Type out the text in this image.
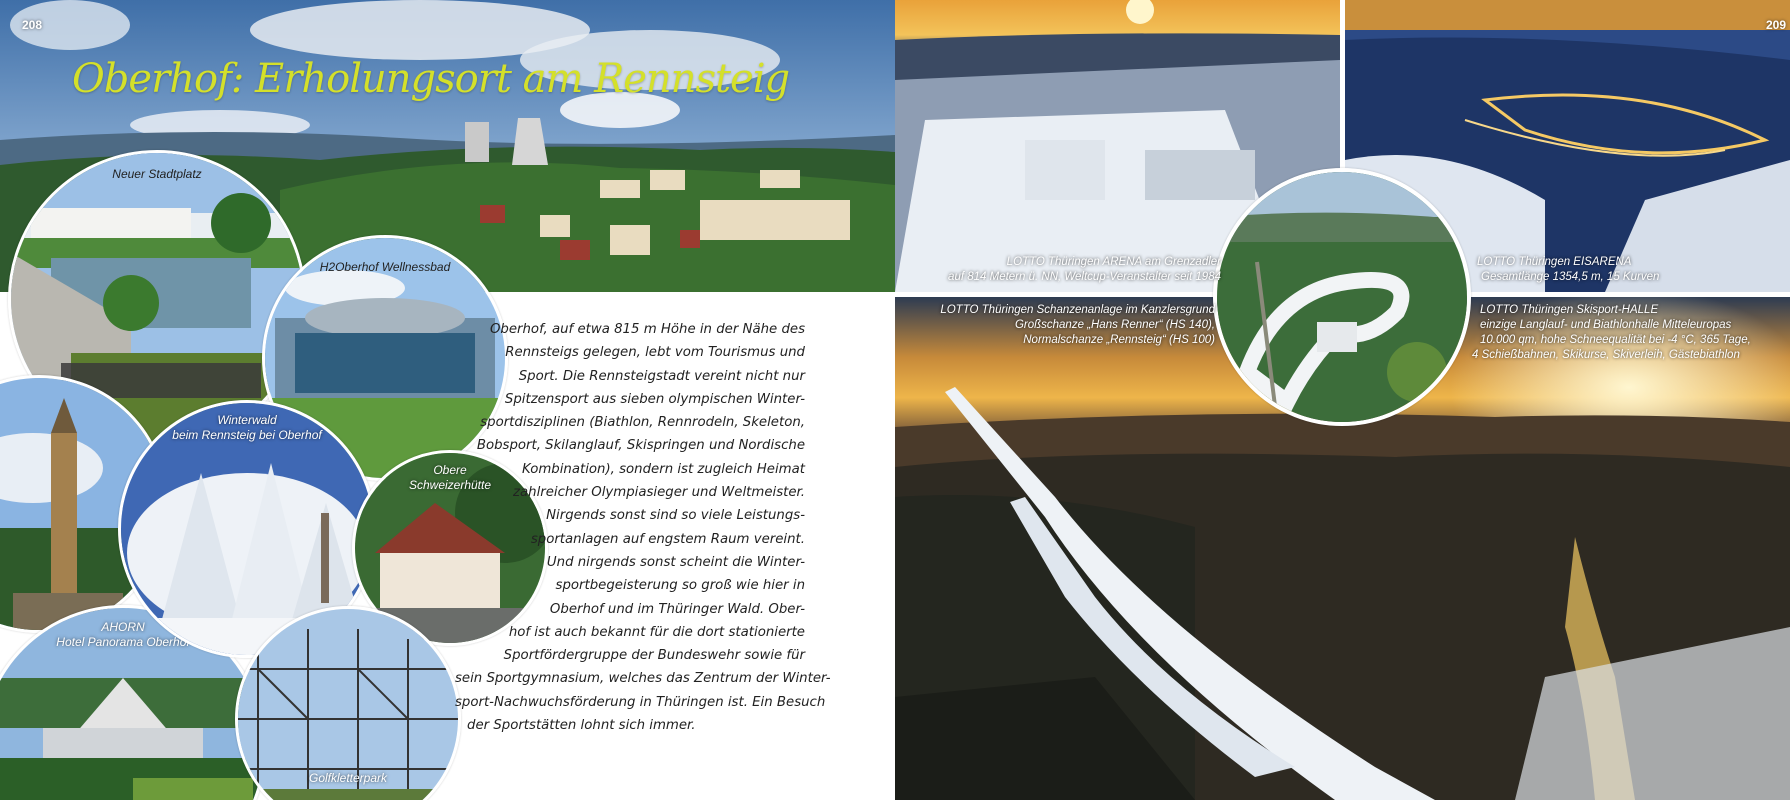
208
Oberhof: Erholungsort am Rennsteig
Neuer Stadtplatz
AHORN
Hotel Panorama Oberhof
H2Oberhof Wellnessbad
Winterwald
beim Rennsteig bei Oberhof
Obere
Schweizerhütte
Golfkletterpark
Oberhof, auf etwa 815 m Höhe in der Nähe des
Rennsteigs gelegen, lebt vom Tourismus und
Sport. Die Rennsteigstadt vereint nicht nur
Spitzensport aus sieben olympischen Winter-
sportdisziplinen (Biathlon, Rennrodeln, Skeleton,
Bobsport, Skilanglauf, Skispringen und Nordische
Kombination), sondern ist zugleich Heimat
zahlreicher Olympiasieger und Weltmeister.
Nirgends sonst sind so viele Leistungs-
sportanlagen auf engstem Raum vereint.
Und nirgends sonst scheint die Winter-
sportbegeisterung so groß wie hier in
Oberhof und im Thüringer Wald. Ober-
hof ist auch bekannt für die dort stationierte
Sportfördergruppe der Bundeswehr sowie für
sein Sportgymnasium, welches das Zentrum der Winter-
sport-Nachwuchsförderung in Thüringen ist. Ein Besuch
der Sportstätten lohnt sich immer.
209
LOTTO Thüringen ARENA am Grenzadler
auf 814 Metern ü. NN, Weltcup-Veranstalter seit 1984
LOTTO Thüringen EISARENA
Gesamtlänge 1354,5 m, 15 Kurven
LOTTO Thüringen Schanzenanlage im Kanzlersgrund
Großschanze „Hans Renner“ (HS 140),
Normalschanze „Rennsteig“ (HS 100)
LOTTO Thüringen Skisport-HALLE
einzige Langlauf- und Biathlonhalle Mitteleuropas
10.000 qm, hohe Schneequalität bei -4 °C, 365 Tage,
4 Schießbahnen, Skikurse, Skiverleih, Gästebiathlon
